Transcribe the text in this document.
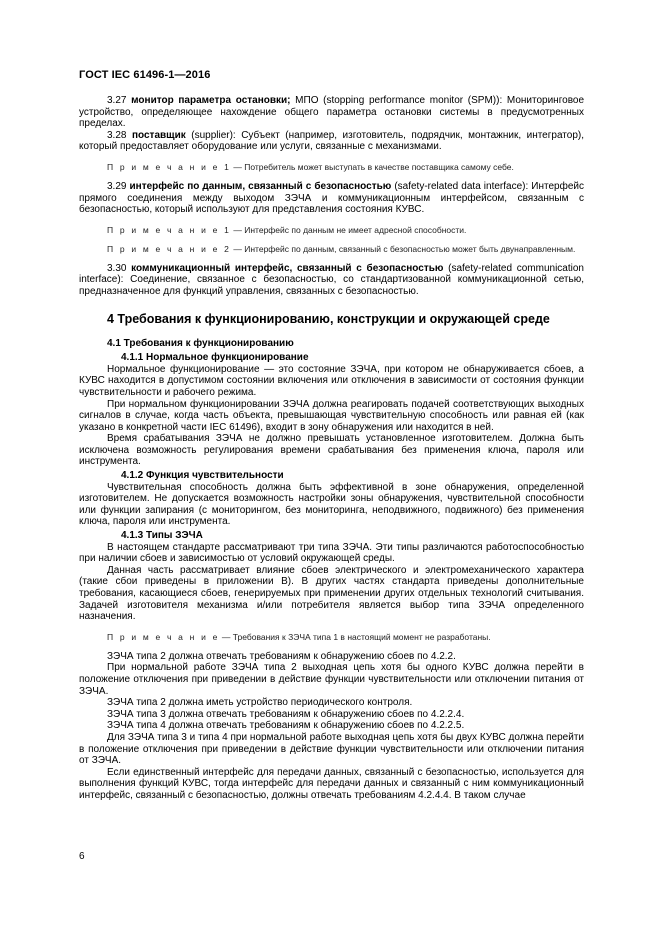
ГОСТ IEC 61496-1—2016

3.27 монитор параметра остановки; МПО (stopping performance monitor (SPM)): Мониторинговое устройство, определяющее нахождение общего параметра остановки системы в предусмотренных пределах.

3.28 поставщик (supplier): Субъект (например, изготовитель, подрядчик, монтажник, интегратор), который предоставляет оборудование или услуги, связанные с механизмами.

П р и м е ч а н и е 1 — Потребитель может выступать в качестве поставщика самому себе.

3.29 интерфейс по данным, связанный с безопасностью (safety-related data interface): Интерфейс прямого соединения между выходом ЗЭЧА и коммуникационным интерфейсом, связанным с безопасностью, который используют для представления состояния КУВС.

П р и м е ч а н и е 1 — Интерфейс по данным не имеет адресной способности.

П р и м е ч а н и е 2 — Интерфейс по данным, связанный с безопасностью может быть двунаправленным.

3.30 коммуникационный интерфейс, связанный с безопасностью (safety-related communication interface): Соединение, связанное с безопасностью, со стандартизованной коммуникационной сетью, предназначенное для функций управления, связанных с безопасностью.

4 Требования к функционированию, конструкции и окружающей среде
4.1 Требования к функционированию
4.1.1 Нормальное функционирование

Нормальное функционирование — это состояние ЗЭЧА, при котором не обнаруживается сбоев, а КУВС находится в допустимом состоянии включения или отключения в зависимости от состояния функции чувствительности и рабочего режима.

При нормальном функционировании ЗЭЧА должна реагировать подачей соответствующих выходных сигналов в случае, когда часть объекта, превышающая чувствительную способность или равная ей (как указано в конкретной части IEC 61496), входит в зону обнаружения или находится в ней.

Время срабатывания ЗЭЧА не должно превышать установленное изготовителем. Должна быть исключена возможность регулирования времени срабатывания без применения ключа, пароля или инструмента.

4.1.2 Функция чувствительности

Чувствительная способность должна быть эффективной в зоне обнаружения, определенной изготовителем. Не допускается возможность настройки зоны обнаружения, чувствительной способности или функции запирания (с мониторингом, без мониторинга, неподвижного, подвижного) без применения ключа, пароля или инструмента.

4.1.3 Типы ЗЭЧА

В настоящем стандарте рассматривают три типа ЗЭЧА. Эти типы различаются работоспособностью при наличии сбоев и зависимостью от условий окружающей среды.

Данная часть рассматривает влияние сбоев электрического и электромеханического характера (такие сбои приведены в приложении В). В других частях стандарта приведены дополнительные требования, касающиеся сбоев, генерируемых при применении других отдельных технологий считывания. Задачей изготовителя механизма и/или потребителя является выбор типа ЗЭЧА определенного назначения.

П р и м е ч а н и е — Требования к ЗЭЧА типа 1 в настоящий момент не разработаны.

ЗЭЧА типа 2 должна отвечать требованиям к обнаружению сбоев по 4.2.2.

При нормальной работе ЗЭЧА типа 2 выходная цепь хотя бы одного КУВС должна перейти в положение отключения при приведении в действие функции чувствительности или отключении питания от ЗЭЧА.

ЗЭЧА типа 2 должна иметь устройство периодического контроля.

ЗЭЧА типа 3 должна отвечать требованиям к обнаружению сбоев по 4.2.2.4.

ЗЭЧА типа 4 должна отвечать требованиям к обнаружению сбоев по 4.2.2.5.

Для ЗЭЧА типа 3 и типа 4 при нормальной работе выходная цепь хотя бы двух КУВС должна перейти в положение отключения при приведении в действие функции чувствительности или отключении питания от ЗЭЧА.

Если единственный интерфейс для передачи данных, связанный с безопасностью, используется для выполнения функций КУВС, тогда интерфейс для передачи данных и связанный с ним коммуникационный интерфейс, связанный с безопасностью, должны отвечать требованиям 4.2.4.4. В таком случае

6
